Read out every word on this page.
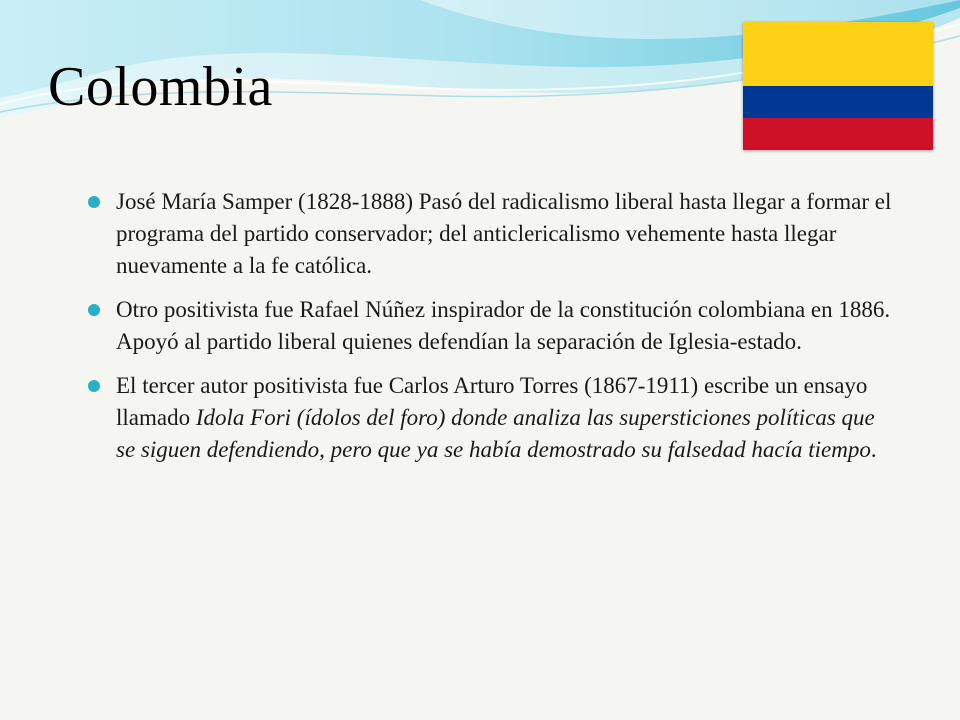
Colombia
José María Samper (1828-1888) Pasó del radicalismo liberal hasta llegar a formar el programa del partido conservador; del anticlericalismo vehemente hasta llegar nuevamente a la fe católica.
Otro positivista fue Rafael Núñez inspirador de la constitución colombiana en 1886. Apoyó al partido liberal quienes defendían la separación de Iglesia-estado.
El tercer autor positivista fue Carlos Arturo Torres (1867-1911) escribe un ensayo llamado Idola Fori (ídolos del foro) donde analiza las supersticiones políticas que se siguen defendiendo, pero que ya se había demostrado su falsedad hacía tiempo.
